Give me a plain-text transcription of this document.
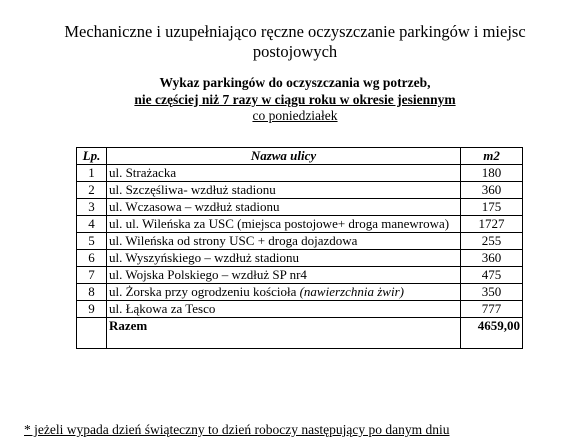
Mechaniczne i uzupełniająco ręczne oczyszczanie parkingów i miejsc postojowych
Wykaz parkingów do oczyszczania wg potrzeb,
nie częściej niż 7 razy w ciągu roku w okresie jesiennym
co poniedziałek
Lp.	Nazwa ulicy	m2
1	ul. Strażacka	180
2	ul. Szczęśliwa- wzdłuż stadionu	360
3	ul. Wczasowa – wzdłuż stadionu	175
4	ul. ul. Wileńska za USC (miejsca postojowe+ droga manewrowa)	1727
5	ul. Wileńska od strony USC + droga dojazdowa	255
6	ul. Wyszyńskiego – wzdłuż stadionu	360
7	ul. Wojska Polskiego – wzdłuż SP nr4	475
8	ul. Żorska przy ogrodzeniu kościoła (nawierzchnia żwir)	350
9	ul. Łąkowa za Tesco	777
	Razem	4659,00
* jeżeli wypada dzień świąteczny to dzień roboczy następujący po danym dniu
